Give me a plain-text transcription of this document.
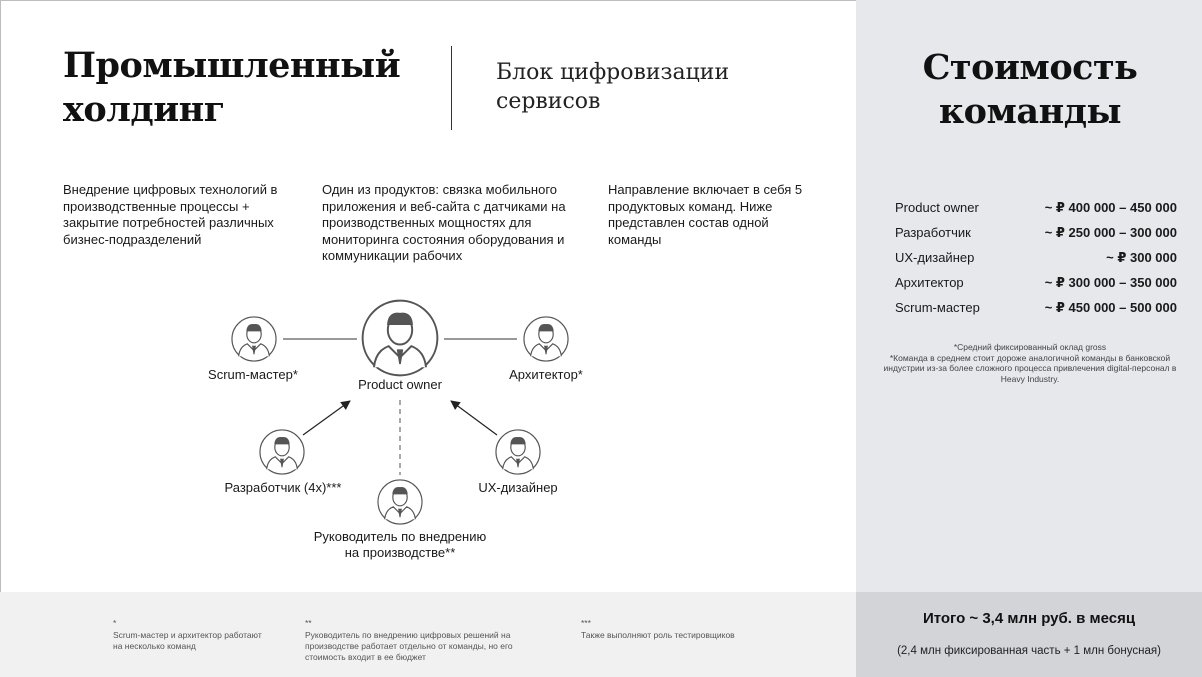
Промышленный холдинг
Блок цифровизации сервисов
Внедрение цифровых технологий в производственные процессы + закрытие потребностей различных бизнес-подразделений
Один из продуктов: связка мобильного приложения и веб-сайта с датчиками на производственных мощностях для мониторинга состояния оборудования и коммуникации рабочих
Направление включает в себя 5 продуктовых команд. Ниже представлен состав одной команды
Product owner
Scrum-мастер*	Архитектор*
Разработчик (4x)***	UX-дизайнер
Руководитель по внедрению на производстве**
Стоимость команды
Product owner	~ ₽ 400 000 – 450 000
Разработчик	~ ₽ 250 000 – 300 000
UX-дизайнер	~ ₽ 300 000
Архитектор	~ ₽ 300 000 – 350 000
Scrum-мастер	~ ₽ 450 000 – 500 000
*Средний фиксированный оклад gross
*Команда в среднем стоит дороже аналогичной команды в банковской индустрии из-за более сложного процесса привлечения digital-персонал в Heavy Industry.
Итого ~ 3,4 млн руб. в месяц
(2,4 млн фиксированная часть + 1 млн бонусная)
*
Scrum-мастер и архитектор работают на несколько команд
**
Руководитель по внедрению цифровых решений на производстве работает отдельно от команды, но его стоимость входит в ее бюджет
***
Также выполняют роль тестировщиков
